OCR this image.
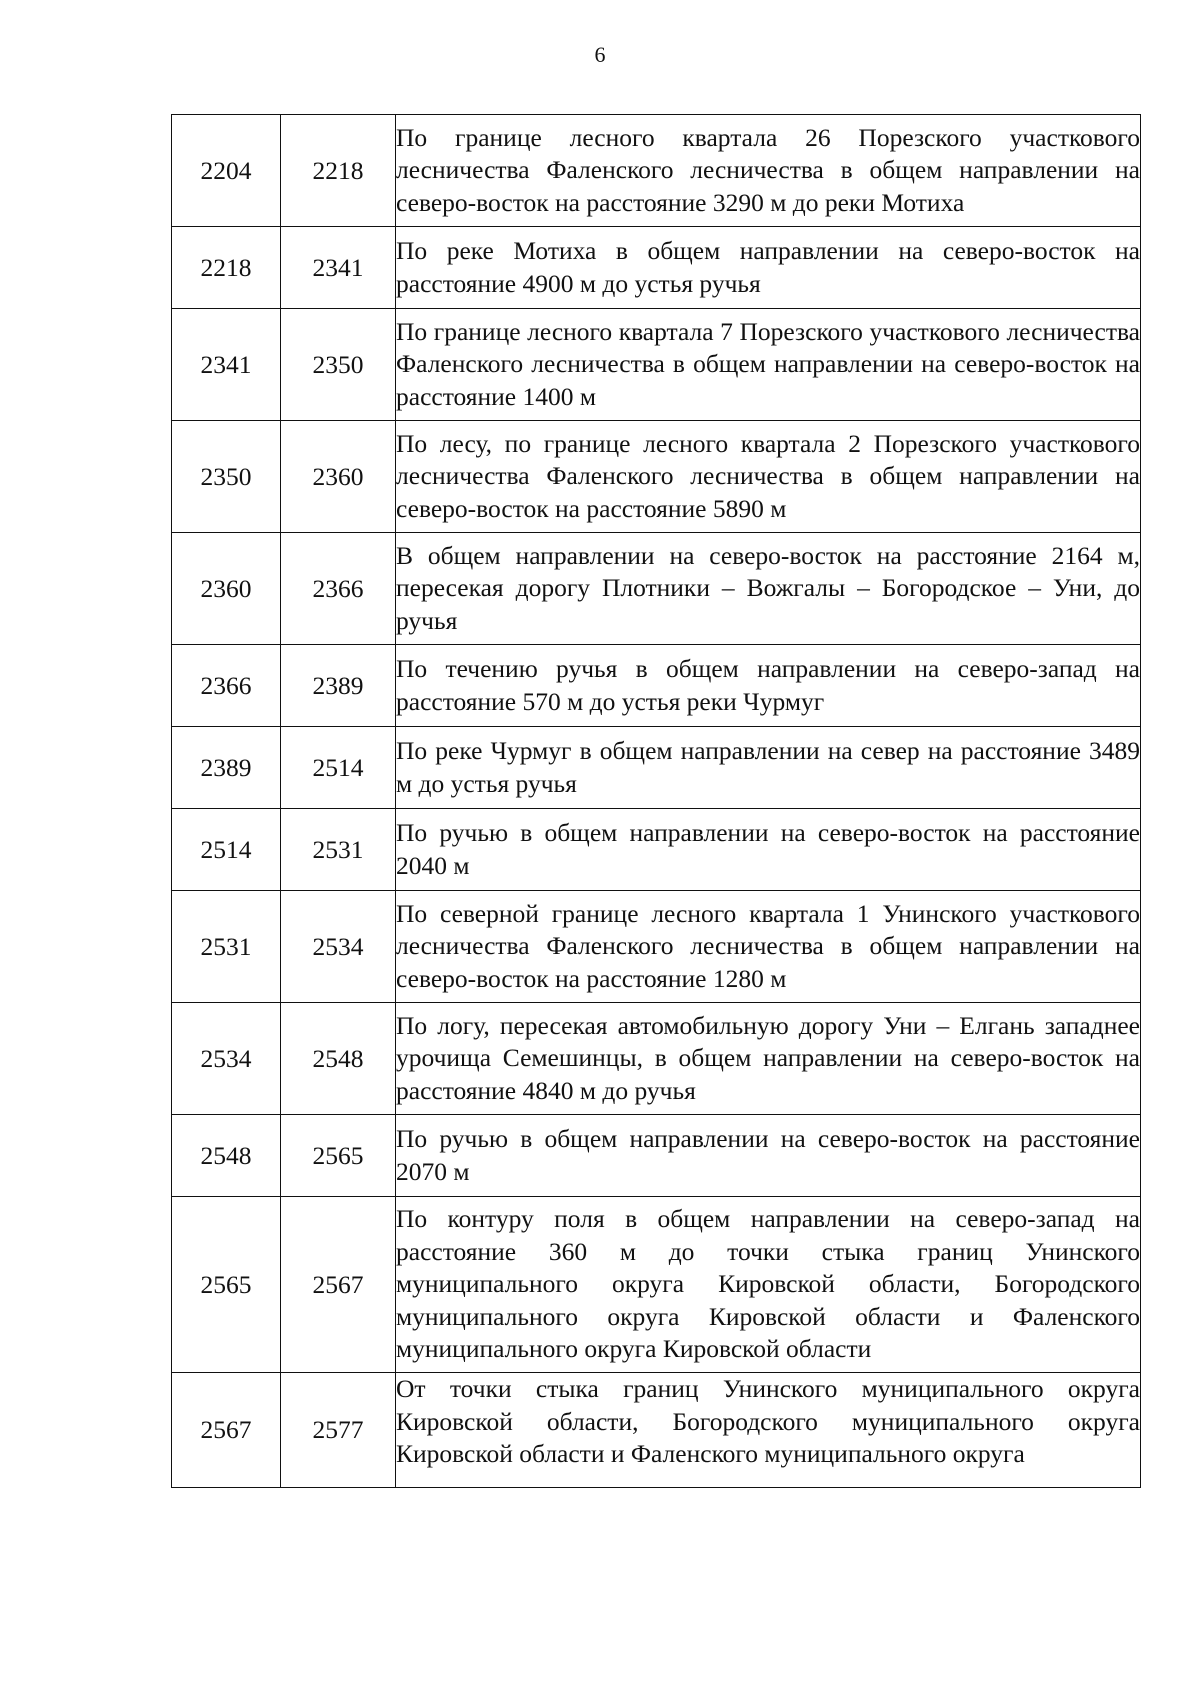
6
2204	2218	По границе лесного квартала 26 Порезского участкового лесничества Фаленского лесничества в общем направлении на северо-восток на расстояние 3290 м до реки Мотиха
2218	2341	По реке Мотиха в общем направлении на северо-восток на расстояние 4900 м до устья ручья
2341	2350	По границе лесного квартала 7 Порезского участкового лесничества Фаленского лесничества в общем направлении на северо-восток на расстояние 1400 м
2350	2360	По лесу, по границе лесного квартала 2 Порезского участкового лесничества Фаленского лесничества в общем направлении на северо-восток на расстояние 5890 м
2360	2366	В общем направлении на северо-восток на расстояние 2164 м, пересекая дорогу Плотники – Вожгалы – Богородское – Уни, до ручья
2366	2389	По течению ручья в общем направлении на северо-запад на расстояние 570 м до устья реки Чурмуг
2389	2514	По реке Чурмуг в общем направлении на север на расстояние 3489 м до устья ручья
2514	2531	По ручью в общем направлении на северо-восток на расстояние 2040 м
2531	2534	По северной границе лесного квартала 1 Унинского участкового лесничества Фаленского лесничества в общем направлении на северо-восток на расстояние 1280 м
2534	2548	По логу, пересекая автомобильную дорогу Уни – Елгань западнее урочища Семешинцы, в общем направлении на северо-восток на расстояние 4840 м до ручья
2548	2565	По ручью в общем направлении на северо-восток на расстояние 2070 м
2565	2567	По контуру поля в общем направлении на северо-запад на расстояние 360 м до точки стыка границ Унинского муниципального округа Кировской области, Богородского муниципального округа Кировской области и Фаленского муниципального округа Кировской области
2567	2577	От точки стыка границ Унинского муниципального округа Кировской области, Богородского муниципального округа Кировской области и Фаленского муниципального округа
